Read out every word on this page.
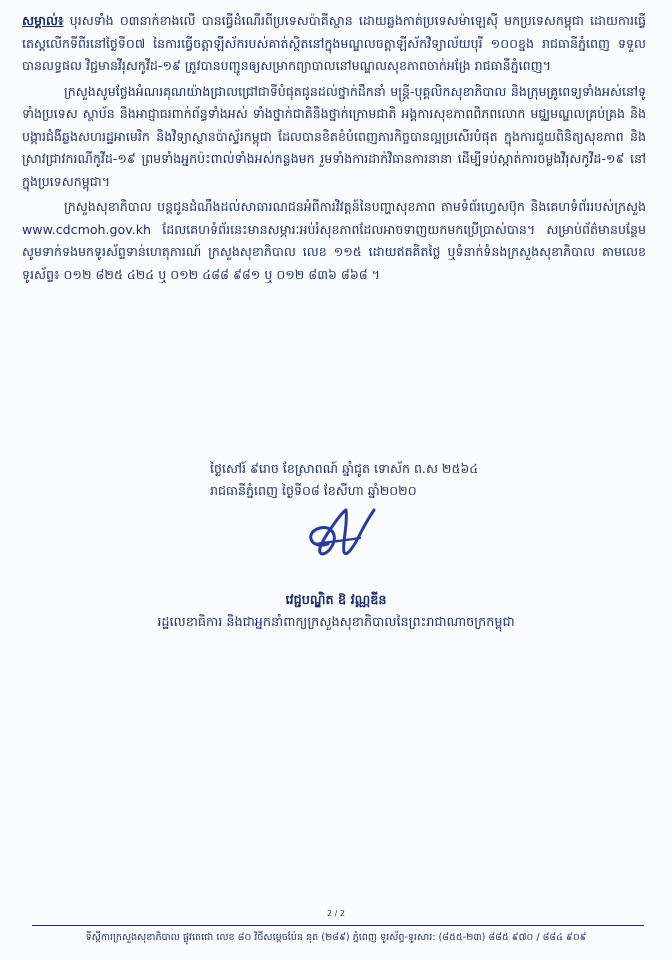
សម្គាល់៖ បុរសទាំង ០៣នាក់ខាងលើ បានធ្វើដំណើរពីប្រទេសប៉ាគីស្ថាន ដោយឆ្លងកាត់ប្រទេសម៉ាឡេស៊ី មកប្រទេសកម្ពុជា ដោយការធ្វើតេស្តលើកទីពីរនៅថ្ងៃទី០៧ នៃការធ្វើចត្តាឡីស័ករបស់គាត់ស្ថិតនៅក្នុងមណ្ឌលចត្តាឡីស័កវិទ្យាល័យបុរី ១០០ខ្នង រាជធានីភ្នំពេញ ទទួលបានលទ្ធផល វិជ្ជមានវីរុសកូវីដ-១៩ ត្រូវបានបញ្ជូនឲ្យសម្រាកព្យាបាលនៅមណ្ឌលសុខភាពចាក់អង្រែ រាជធានីភ្នំពេញ។

ក្រសួងសូមថ្លែងអំណរគុណយ៉ាងជ្រាលជ្រៅជាទីបំផុតជូនដល់ថ្នាក់ដឹកនាំ មន្ត្រី-បុគ្គលិកសុខាភិបាល និងក្រុមគ្រូពេទ្យទាំងអស់នៅទូទាំងប្រទេស ស្ថាប័ន និងអាជ្ញាធរពាក់ព័ន្ធទាំងអស់ ទាំងថ្នាក់ជាតិនិងថ្នាក់ក្រោមជាតិ អង្គការសុខភាពពិភពលោក មជ្ឈមណ្ឌលគ្រប់គ្រង និងបង្ការជំងឺឆ្លងសហរដ្ឋអាមេរិក និងវិទ្យាស្ថានប៉ាស្ទ័រកម្ពុជា ដែលបានខិតខំបំពេញភារកិច្ចបានល្អប្រសើរបំផុត ក្នុងការជួយពិនិត្យសុខភាព និងស្រាវជ្រាវករណីកូវីដ-១៩ ព្រមទាំងអ្នកប៉ះពាល់ទាំងអស់កន្លងមក រួមទាំងការដាក់វិធានការនានា ដើម្បីទប់ស្កាត់ការចម្លងវីរុសកូវីដ-១៩ នៅក្នុងប្រទេសកម្ពុជា។

ក្រសួងសុខាភិបាល បន្តជូនដំណឹងដល់សាធារណជនអំពីការវិវត្តន៍នៃបញ្ហាសុខភាព តាមទំព័រហ្វេសប៊ុក និងគេហទំព័ររបស់ក្រសួង www.cdcmoh.gov.kh ដែលគេហទំព័រនេះមានសម្ភារៈអប់រំសុខភាពដែលអាចទាញយកមកប្រើប្រាស់បាន។ សម្រាប់ព័ត៌មានបន្ថែម សូមទាក់ទងមកទូរស័ព្ទទាន់ហេតុការណ៍ ក្រសួងសុខាភិបាល លេខ ១១៥ ដោយឥតគិតថ្លៃ ឬទំនាក់ទំនងក្រសួងសុខាភិបាល តាមលេខទូរស័ព្ទ៖ ០១២ ៨២៥ ៤២៤ ឬ ០១២ ៤៨៨ ៩៨១ ឬ ០១២ ៨៣៦ ៨៦៨ ។

ថ្ងៃសៅរ៍ ៩រោច ខែស្រាពណ៍ ឆ្នាំជូត ទោស័ក ព.ស ២៥៦៤
រាជធានីភ្នំពេញ ថ្ងៃទី០៨ ខែសីហា ឆ្នាំ២០២០
វេជ្ជបណ្ឌិត ឱ វណ្ណឌីន
រដ្ឋលេខាធិការ និងជាអ្នកនាំពាក្យក្រសួងសុខាភិបាលនៃព្រះរាជាណាចក្រកម្ពុជា
2 / 2
ទីស្តីការក្រសួងសុខាភិបាល ផ្លូវតេជោ លេខ ៨០ វិថីសម្តេចប៉ែន នុត (២៨៩) ភ្នំពេញ ទូរស័ព្ទ-ទូរសារ: (៨៥៥-២៣) ៨៨៥ ៩៧០ / ៨៨៤ ៩០៩
